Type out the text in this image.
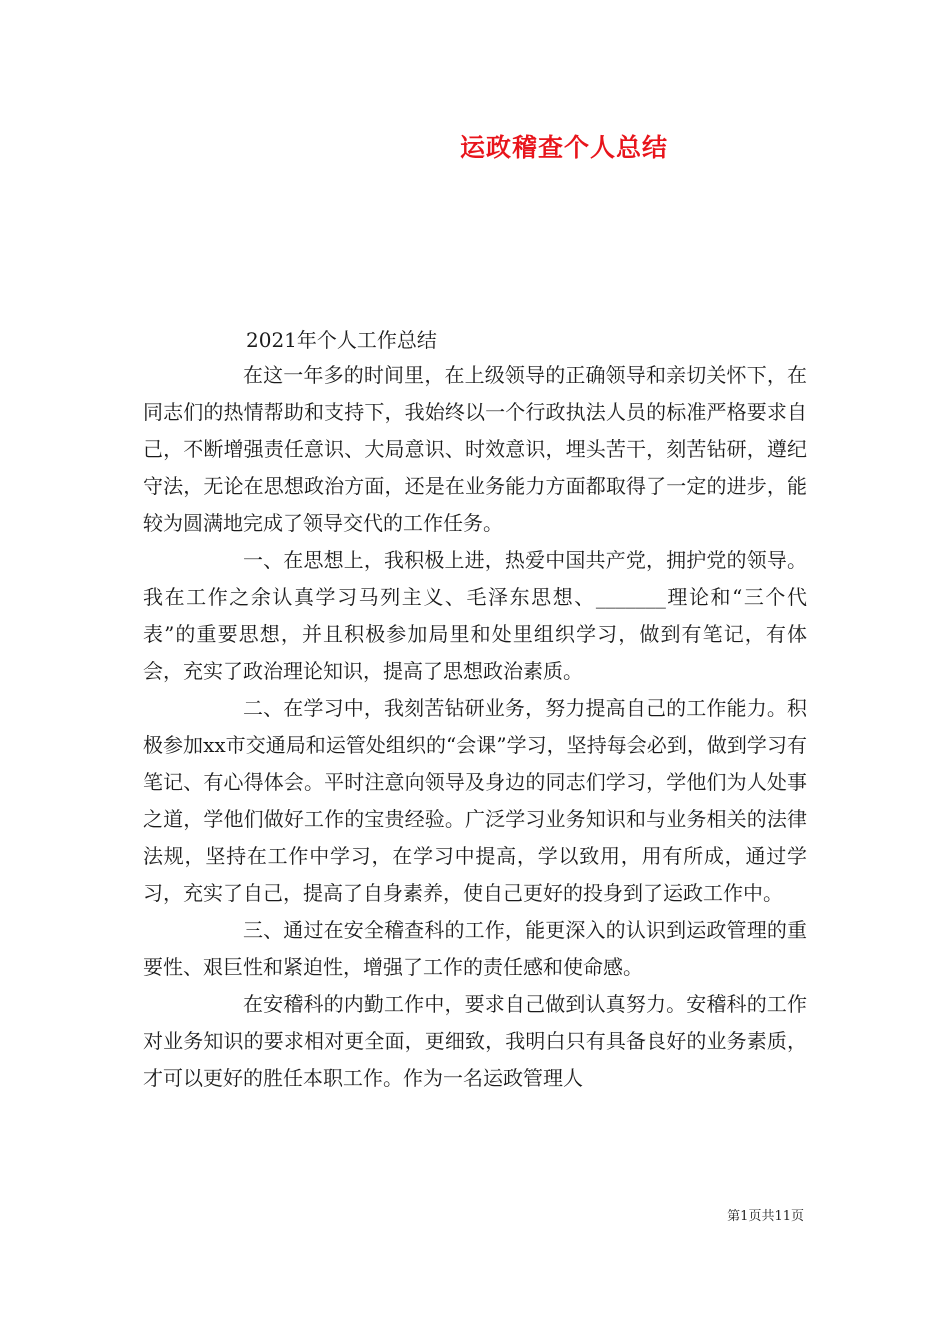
运政稽查个人总结
2021年个人工作总结

在这一年多的时间里，在上级领导的正确领导和亲切关怀下，在同志们的热情帮助和支持下，我始终以一个行政执法人员的标准严格要求自己，不断增强责任意识、大局意识、时效意识，埋头苦干，刻苦钻研，遵纪守法，无论在思想政治方面，还是在业务能力方面都取得了一定的进步，能较为圆满地完成了领导交代的工作任务。

一、在思想上，我积极上进，热爱中国共产党，拥护党的领导。我在工作之余认真学习马列主义、毛泽东思想、_______理论和“三个代表”的重要思想，并且积极参加局里和处里组织学习，做到有笔记，有体会，充实了政治理论知识，提高了思想政治素质。

二、在学习中，我刻苦钻研业务，努力提高自己的工作能力。积极参加xx市交通局和运管处组织的“会课”学习，坚持每会必到，做到学习有笔记、有心得体会。平时注意向领导及身边的同志们学习，学他们为人处事之道，学他们做好工作的宝贵经验。广泛学习业务知识和与业务相关的法律法规，坚持在工作中学习，在学习中提高，学以致用，用有所成，通过学习，充实了自己，提高了自身素养，使自己更好的投身到了运政工作中。

三、通过在安全稽查科的工作，能更深入的认识到运政管理的重要性、艰巨性和紧迫性，增强了工作的责任感和使命感。

在安稽科的内勤工作中，要求自己做到认真努力。安稽科的工作对业务知识的要求相对更全面，更细致，我明白只有具备良好的业务素质，才可以更好的胜任本职工作。作为一名运政管理人

第1页共11页
